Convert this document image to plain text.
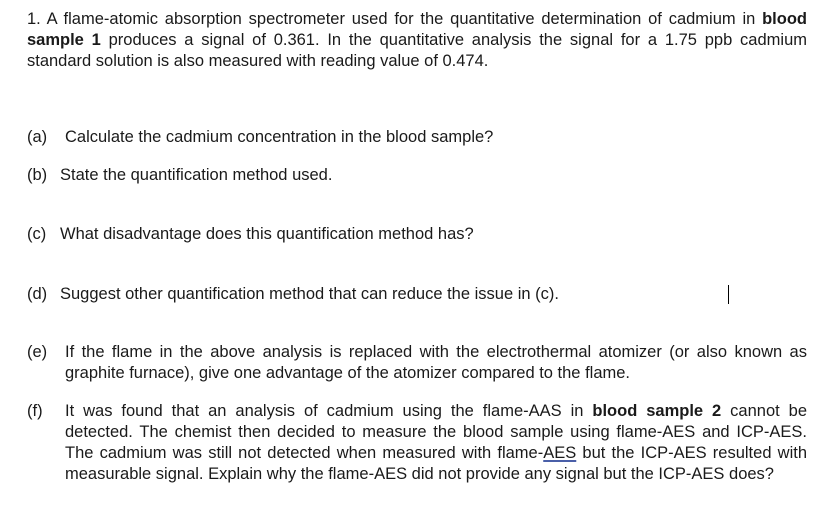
1. A flame-atomic absorption spectrometer used for the quantitative determination of cadmium in blood sample 1 produces a signal of 0.361. In the quantitative analysis the signal for a 1.75 ppb cadmium standard solution is also measured with reading value of 0.474.
(a)	Calculate the cadmium concentration in the blood sample?
(b) State the quantification method used.
(c) What disadvantage does this quantification method has?
(d) Suggest other quantification method that can reduce the issue in (c).
(e)	If the flame in the above analysis is replaced with the electrothermal atomizer (or also known as graphite furnace), give one advantage of the atomizer compared to the flame.
(f)	It was found that an analysis of cadmium using the flame-AAS in blood sample 2 cannot be detected. The chemist then decided to measure the blood sample using flame-AES and ICP-AES. The cadmium was still not detected when measured with flame-AES but the ICP-AES resulted with measurable signal. Explain why the flame-AES did not provide any signal but the ICP-AES does?
